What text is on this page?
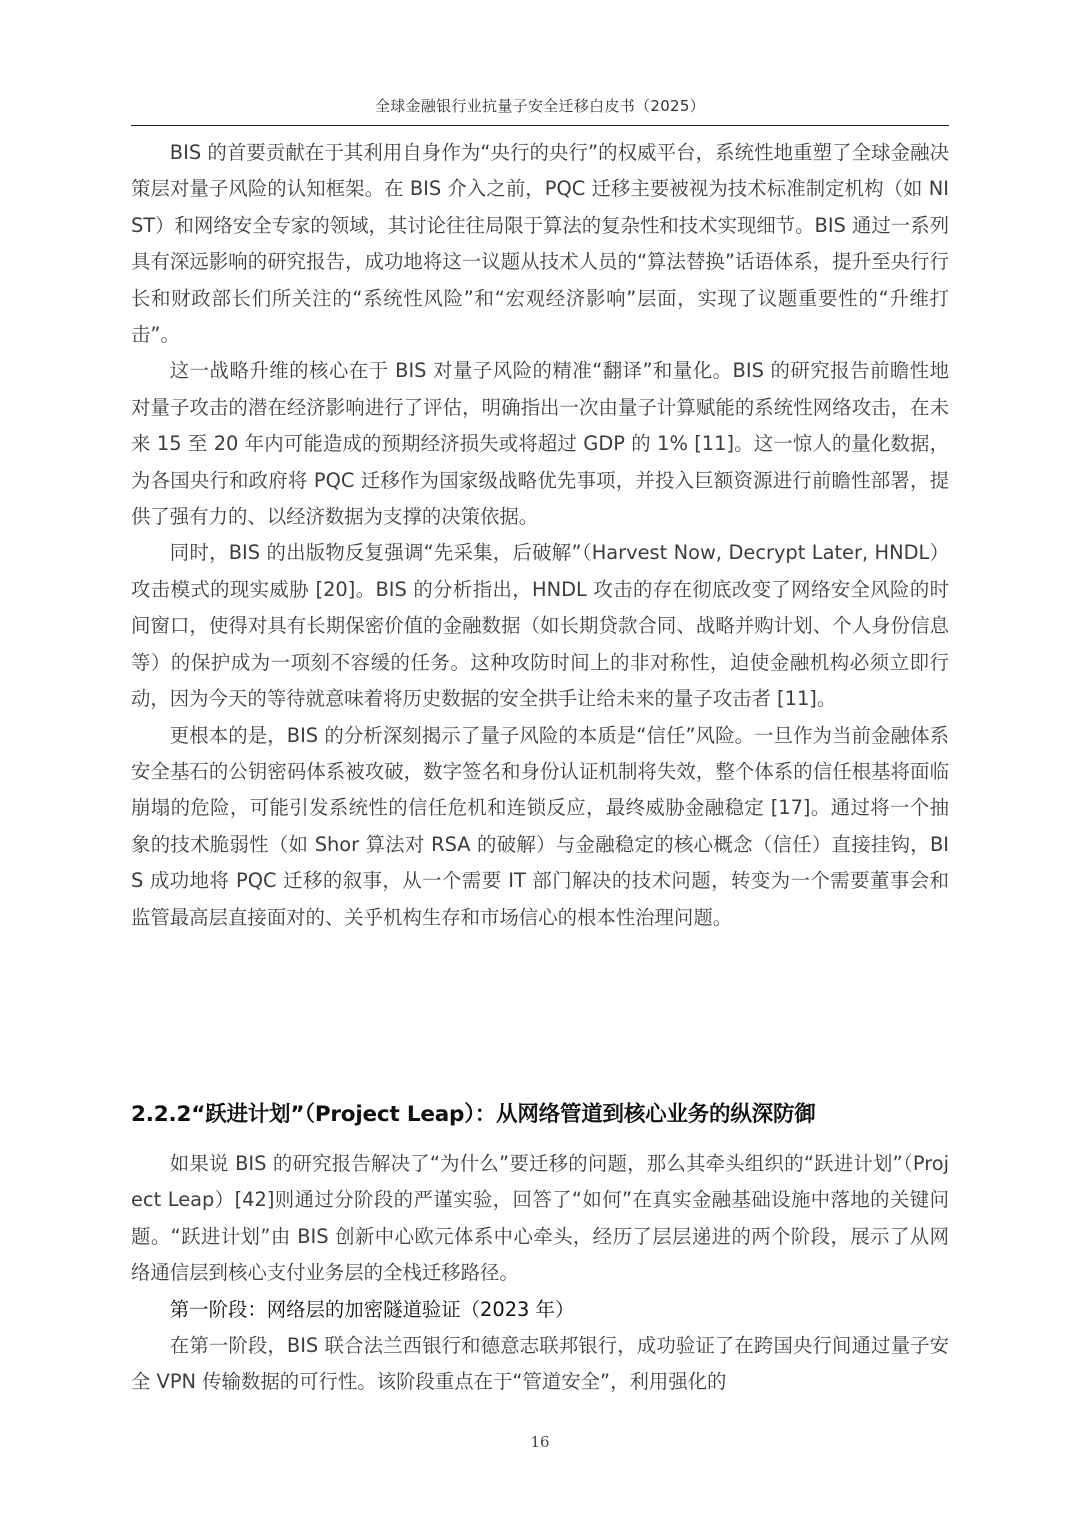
全球金融银行业抗量子安全迁移白皮书（2025）

BIS 的首要贡献在于其利用自身作为“央行的央行”的权威平台，系统性地重塑了全球金融决策层对量子风险的认知框架。在 BIS 介入之前，PQC 迁移主要被视为技术标准制定机构（如 NIST）和网络安全专家的领域，其讨论往往局限于算法的复杂性和技术实现细节。BIS 通过一系列具有深远影响的研究报告，成功地将这一议题从技术人员的“算法替换”话语体系，提升至央行行长和财政部长们所关注的“系统性风险”和“宏观经济影响”层面，实现了议题重要性的“升维打击”。

这一战略升维的核心在于 BIS 对量子风险的精准“翻译”和量化。BIS 的研究报告前瞻性地对量子攻击的潜在经济影响进行了评估，明确指出一次由量子计算赋能的系统性网络攻击，在未来 15 至 20 年内可能造成的预期经济损失或将超过 GDP 的 1% [11]。这一惊人的量化数据，为各国央行和政府将 PQC 迁移作为国家级战略优先事项，并投入巨额资源进行前瞻性部署，提供了强有力的、以经济数据为支撑的决策依据。

同时，BIS 的出版物反复强调“先采集，后破解”（Harvest Now, Decrypt Later, HNDL）攻击模式的现实威胁 [20]。BIS 的分析指出，HNDL 攻击的存在彻底改变了网络安全风险的时间窗口，使得对具有长期保密价值的金融数据（如长期贷款合同、战略并购计划、个人身份信息等）的保护成为一项刻不容缓的任务。这种攻防时间上的非对称性，迫使金融机构必须立即行动，因为今天的等待就意味着将历史数据的安全拱手让给未来的量子攻击者 [11]。

更根本的是，BIS 的分析深刻揭示了量子风险的本质是“信任”风险。一旦作为当前金融体系安全基石的公钥密码体系被攻破，数字签名和身份认证机制将失效，整个体系的信任根基将面临崩塌的危险，可能引发系统性的信任危机和连锁反应，最终威胁金融稳定 [17]。通过将一个抽象的技术脆弱性（如 Shor 算法对 RSA 的破解）与金融稳定的核心概念（信任）直接挂钩，BIS 成功地将 PQC 迁移的叙事，从一个需要 IT 部门解决的技术问题，转变为一个需要董事会和监管最高层直接面对的、关乎机构生存和市场信心的根本性治理问题。

2.2.2“跃进计划”（Project Leap）：从网络管道到核心业务的纵深防御

如果说 BIS 的研究报告解决了“为什么”要迁移的问题，那么其牵头组织的“跃进计划”（Project Leap）[42]则通过分阶段的严谨实验，回答了“如何”在真实金融基础设施中落地的关键问题。“跃进计划”由 BIS 创新中心欧元体系中心牵头，经历了层层递进的两个阶段，展示了从网络通信层到核心支付业务层的全栈迁移路径。

第一阶段：网络层的加密隧道验证（2023 年）

在第一阶段，BIS 联合法兰西银行和德意志联邦银行，成功验证了在跨国央行间通过量子安全 VPN 传输数据的可行性。该阶段重点在于“管道安全”，利用强化的

16
